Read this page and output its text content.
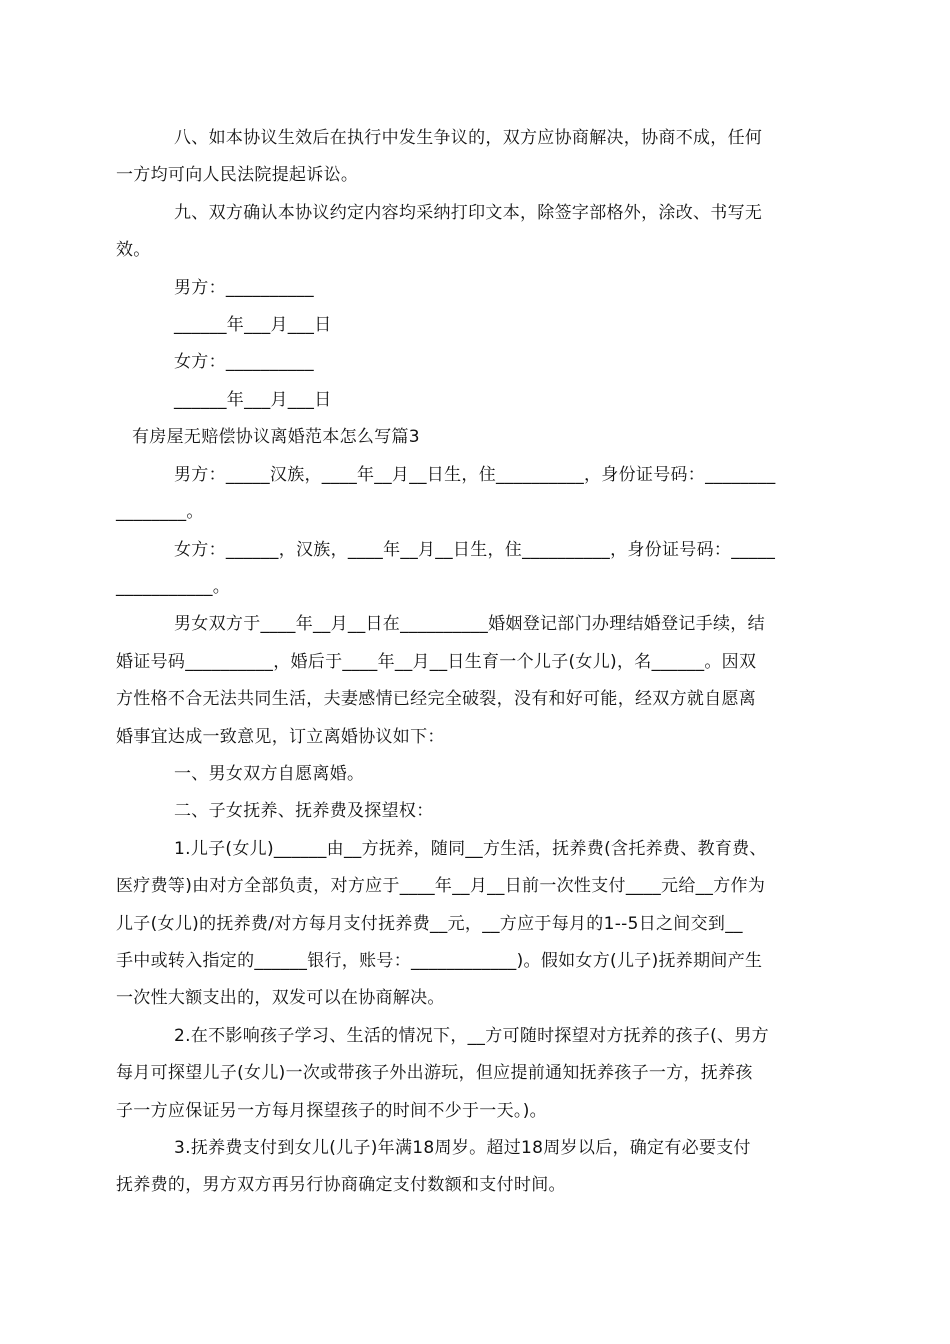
八、如本协议生效后在执行中发生争议的，双方应协商解决，协商不成，任何
一方均可向人民法院提起诉讼。
九、双方确认本协议约定内容均采纳打印文本，除签字部格外，涂改、书写无
效。
男方：__________
______年___月___日
女方：__________
______年___月___日
有房屋无赔偿协议离婚范本怎么写篇3
男方：_____汉族，____年__月__日生，住__________，身份证号码：________
________。
女方：______，汉族，____年__月__日生，住__________，身份证号码：_____
___________。
男女双方于____年__月__日在__________婚姻登记部门办理结婚登记手续，结
婚证号码__________，婚后于____年__月__日生育一个儿子(女儿)，名______。因双
方性格不合无法共同生活，夫妻感情已经完全破裂，没有和好可能，经双方就自愿离
婚事宜达成一致意见，订立离婚协议如下：
一、男女双方自愿离婚。
二、子女抚养、抚养费及探望权：
1.儿子(女儿)______由__方抚养，随同__方生活，抚养费(含托养费、教育费、
医疗费等)由对方全部负责，对方应于____年__月__日前一次性支付____元给__方作为
儿子(女儿)的抚养费/对方每月支付抚养费__元，__方应于每月的1--5日之间交到__
手中或转入指定的______银行，账号：____________)。假如女方(儿子)抚养期间产生
一次性大额支出的，双发可以在协商解决。
2.在不影响孩子学习、生活的情况下，__方可随时探望对方抚养的孩子(、男方
每月可探望儿子(女儿)一次或带孩子外出游玩，但应提前通知抚养孩子一方，抚养孩
子一方应保证另一方每月探望孩子的时间不少于一天。)。
3.抚养费支付到女儿(儿子)年满18周岁。超过18周岁以后，确定有必要支付
抚养费的，男方双方再另行协商确定支付数额和支付时间。
